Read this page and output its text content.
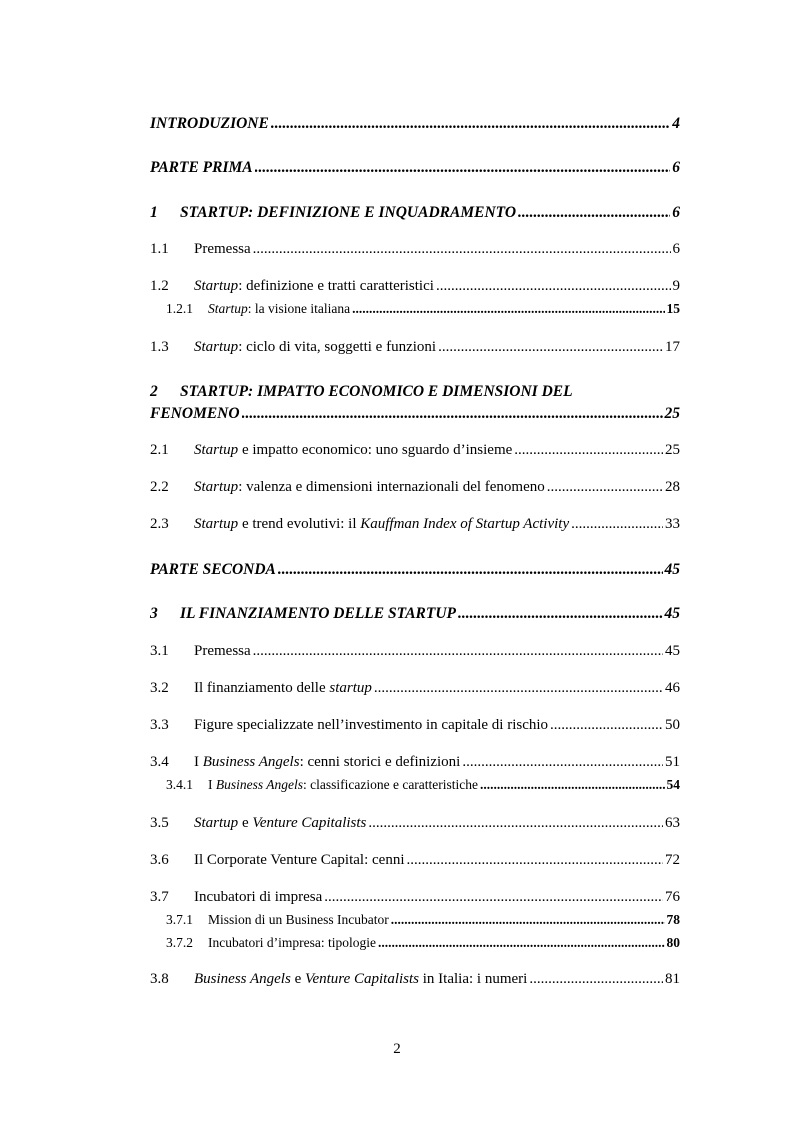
INTRODUZIONE .....	4
PARTE PRIMA .....	6
1	STARTUP: DEFINIZIONE E INQUADRAMENTO .....	6
1.1	Premessa .....	6
1.2	Startup: definizione e tratti caratteristici .....	9
1.2.1	Startup: la visione italiana .....	15
1.3	Startup: ciclo di vita, soggetti e funzioni .....	17
2 STARTUP: IMPATTO ECONOMICO E DIMENSIONI DEL
FENOMENO .....	25
2.1	Startup e impatto economico: uno sguardo d’insieme .....	25
2.2	Startup: valenza e dimensioni internazionali del fenomeno .....	28
2.3	Startup e trend evolutivi: il Kauffman Index of Startup Activity .....	33
PARTE SECONDA .....	45
3	IL FINANZIAMENTO DELLE STARTUP .....	45
3.1	Premessa .....	45
3.2	Il finanziamento delle startup .....	46
3.3	Figure specializzate nell’investimento in capitale di rischio .....	50
3.4	I Business Angels: cenni storici e definizioni .....	51
3.4.1	I Business Angels: classificazione e caratteristiche .....	54
3.5	Startup e Venture Capitalists .....	63
3.6	Il Corporate Venture Capital: cenni .....	72
3.7	Incubatori di impresa .....	76
3.7.1	Mission di un Business Incubator .....	78
3.7.2	Incubatori d’impresa: tipologie .....	80
3.8	Business Angels e Venture Capitalists in Italia: i numeri .....	81
2
